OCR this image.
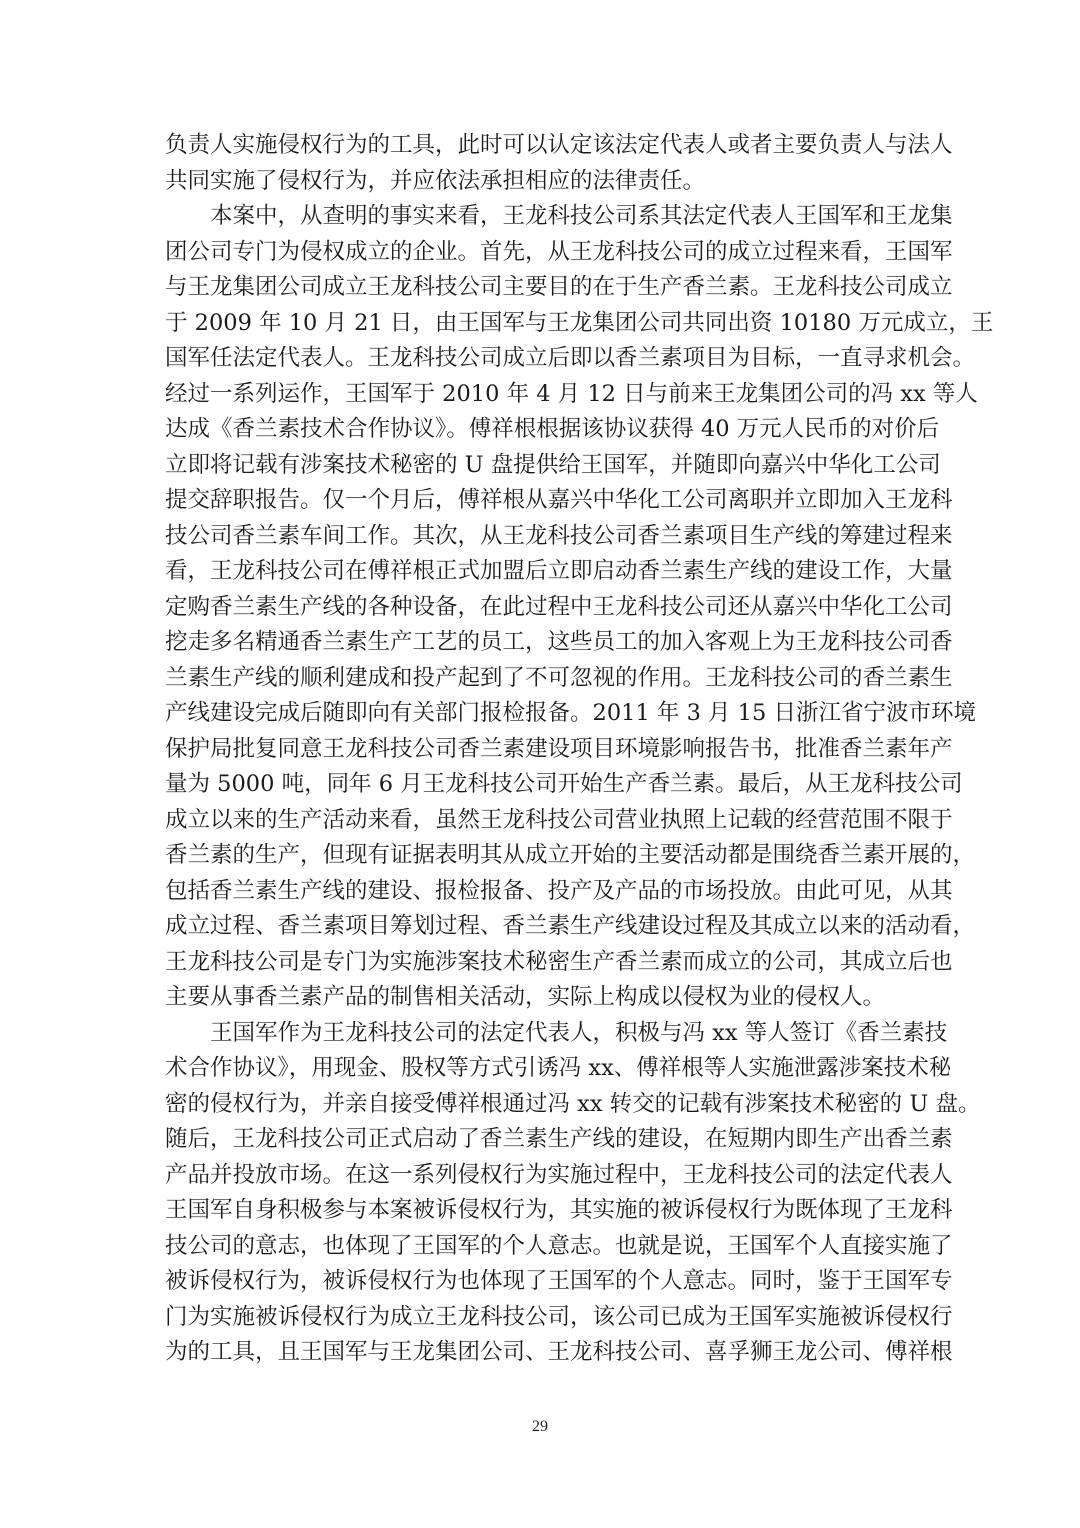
负责人实施侵权行为的工具，此时可以认定该法定代表人或者主要负责人与法人
共同实施了侵权行为，并应依法承担相应的法律责任。
本案中，从查明的事实来看，王龙科技公司系其法定代表人王国军和王龙集
团公司专门为侵权成立的企业。首先，从王龙科技公司的成立过程来看，王国军
与王龙集团公司成立王龙科技公司主要目的在于生产香兰素。王龙科技公司成立
于 2009 年 10 月 21 日，由王国军与王龙集团公司共同出资 10180 万元成立，王
国军任法定代表人。王龙科技公司成立后即以香兰素项目为目标，一直寻求机会。
经过一系列运作，王国军于 2010 年 4 月 12 日与前来王龙集团公司的冯 xx 等人
达成《香兰素技术合作协议》。傅祥根根据该协议获得 40 万元人民币的对价后
立即将记载有涉案技术秘密的 U 盘提供给王国军，并随即向嘉兴中华化工公司
提交辞职报告。仅一个月后，傅祥根从嘉兴中华化工公司离职并立即加入王龙科
技公司香兰素车间工作。其次，从王龙科技公司香兰素项目生产线的筹建过程来
看，王龙科技公司在傅祥根正式加盟后立即启动香兰素生产线的建设工作，大量
定购香兰素生产线的各种设备，在此过程中王龙科技公司还从嘉兴中华化工公司
挖走多名精通香兰素生产工艺的员工，这些员工的加入客观上为王龙科技公司香
兰素生产线的顺利建成和投产起到了不可忽视的作用。王龙科技公司的香兰素生
产线建设完成后随即向有关部门报检报备。2011 年 3 月 15 日浙江省宁波市环境
保护局批复同意王龙科技公司香兰素建设项目环境影响报告书，批准香兰素年产
量为 5000 吨，同年 6 月王龙科技公司开始生产香兰素。最后，从王龙科技公司
成立以来的生产活动来看，虽然王龙科技公司营业执照上记载的经营范围不限于
香兰素的生产，但现有证据表明其从成立开始的主要活动都是围绕香兰素开展的，
包括香兰素生产线的建设、报检报备、投产及产品的市场投放。由此可见，从其
成立过程、香兰素项目筹划过程、香兰素生产线建设过程及其成立以来的活动看，
王龙科技公司是专门为实施涉案技术秘密生产香兰素而成立的公司，其成立后也
主要从事香兰素产品的制售相关活动，实际上构成以侵权为业的侵权人。
王国军作为王龙科技公司的法定代表人，积极与冯 xx 等人签订《香兰素技
术合作协议》，用现金、股权等方式引诱冯 xx、傅祥根等人实施泄露涉案技术秘
密的侵权行为，并亲自接受傅祥根通过冯 xx 转交的记载有涉案技术秘密的 U 盘。
随后，王龙科技公司正式启动了香兰素生产线的建设，在短期内即生产出香兰素
产品并投放市场。在这一系列侵权行为实施过程中，王龙科技公司的法定代表人
王国军自身积极参与本案被诉侵权行为，其实施的被诉侵权行为既体现了王龙科
技公司的意志，也体现了王国军的个人意志。也就是说，王国军个人直接实施了
被诉侵权行为，被诉侵权行为也体现了王国军的个人意志。同时，鉴于王国军专
门为实施被诉侵权行为成立王龙科技公司，该公司已成为王国军实施被诉侵权行
为的工具，且王国军与王龙集团公司、王龙科技公司、喜孚狮王龙公司、傅祥根
29
